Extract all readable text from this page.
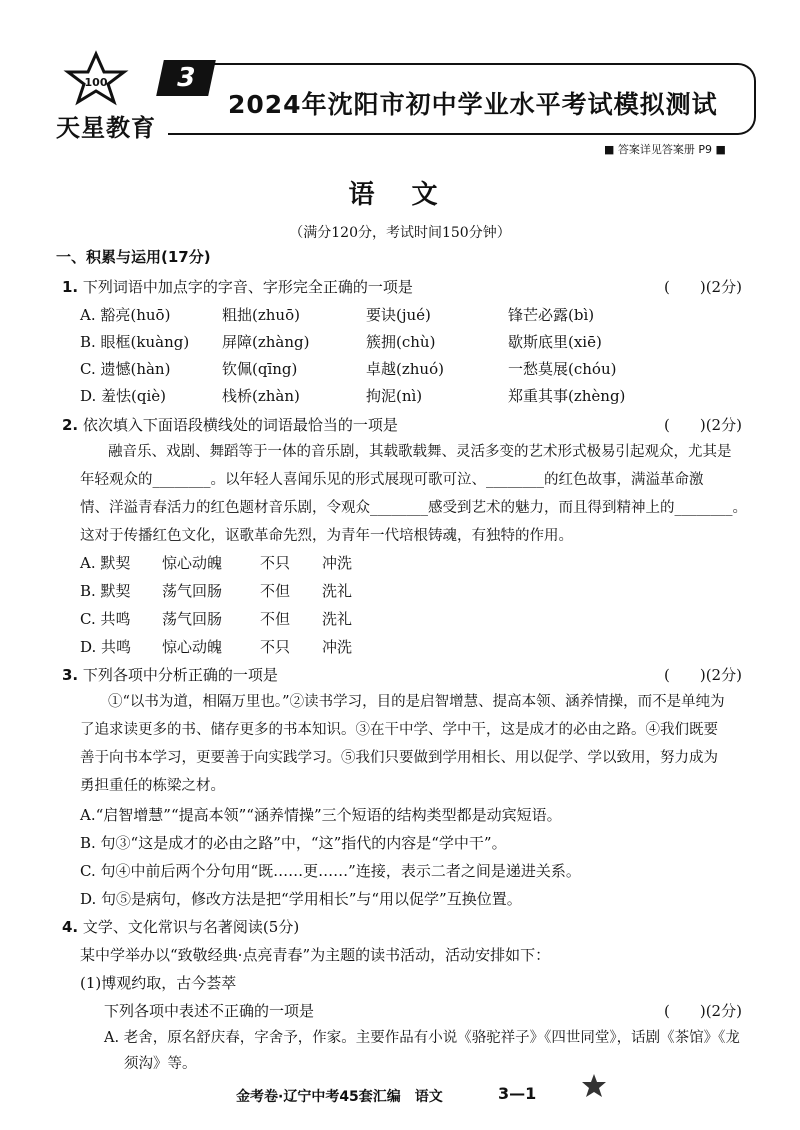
100
天星教育
3
2024年沈阳市初中学业水平考试模拟测试
■ 答案详见答案册 P9 ■
语 文
（满分120分，考试时间150分钟）
一、积累与运用(17分)
1. 下列词语中加点字的字音、字形完全正确的一项是	(　　)(2分)
A. 豁亮(huō)	粗拙(zhuō)	要诀(jué)	锋芒必露(bì)
B. 眼框(kuàng) 屏障(zhàng)	簇拥(chù)	歇斯底里(xiē)
C. 遗憾(hàn)	钦佩(qīng)	卓越(zhuó)	一愁莫展(chóu)
D. 羞怯(qiè)	栈桥(zhàn)	拘泥(nì)	郑重其事(zhèng)
2. 依次填入下面语段横线处的词语最恰当的一项是	(　　)(2分)
融音乐、戏剧、舞蹈等于一体的音乐剧，其载歌载舞、灵活多变的艺术形式极易引起观众，尤其是
年轻观众的________。以年轻人喜闻乐见的形式展现可歌可泣、________的红色故事，满溢革命激
情、洋溢青春活力的红色题材音乐剧，令观众________感受到艺术的魅力，而且得到精神上的________。
这对于传播红色文化，讴歌革命先烈，为青年一代培根铸魂，有独特的作用。
A. 默契 惊心动魄	不只 冲洗
B. 默契 荡气回肠	不但 洗礼
C. 共鸣 荡气回肠	不但 洗礼
D. 共鸣 惊心动魄	不只 冲洗
3. 下列各项中分析正确的一项是	(　　)(2分)
①“以书为道，相隔万里也。”②读书学习，目的是启智增慧、提高本领、涵养情操，而不是单纯为
了追求读更多的书、储存更多的书本知识。③在干中学、学中干，这是成才的必由之路。④我们既要
善于向书本学习，更要善于向实践学习。⑤我们只要做到学用相长、用以促学、学以致用，努力成为
勇担重任的栋梁之材。
A.“启智增慧”“提高本领”“涵养情操”三个短语的结构类型都是动宾短语。
B. 句③“这是成才的必由之路”中，“这”指代的内容是“学中干”。
C. 句④中前后两个分句用“既……更……”连接，表示二者之间是递进关系。
D. 句⑤是病句，修改方法是把“学用相长”与“用以促学”互换位置。
4. 文学、文化常识与名著阅读(5分)
某中学举办以“致敬经典·点亮青春”为主题的读书活动，活动安排如下：
(1)博观约取，古今荟萃
下列各项中表述不正确的一项是	(　　)(2分)
A. 老舍，原名舒庆春，字舍予，作家。主要作品有小说《骆驼祥子》《四世同堂》，话剧《茶馆》《龙
须沟》等。
金考卷·辽宁中考45套汇编　语文	3—1
